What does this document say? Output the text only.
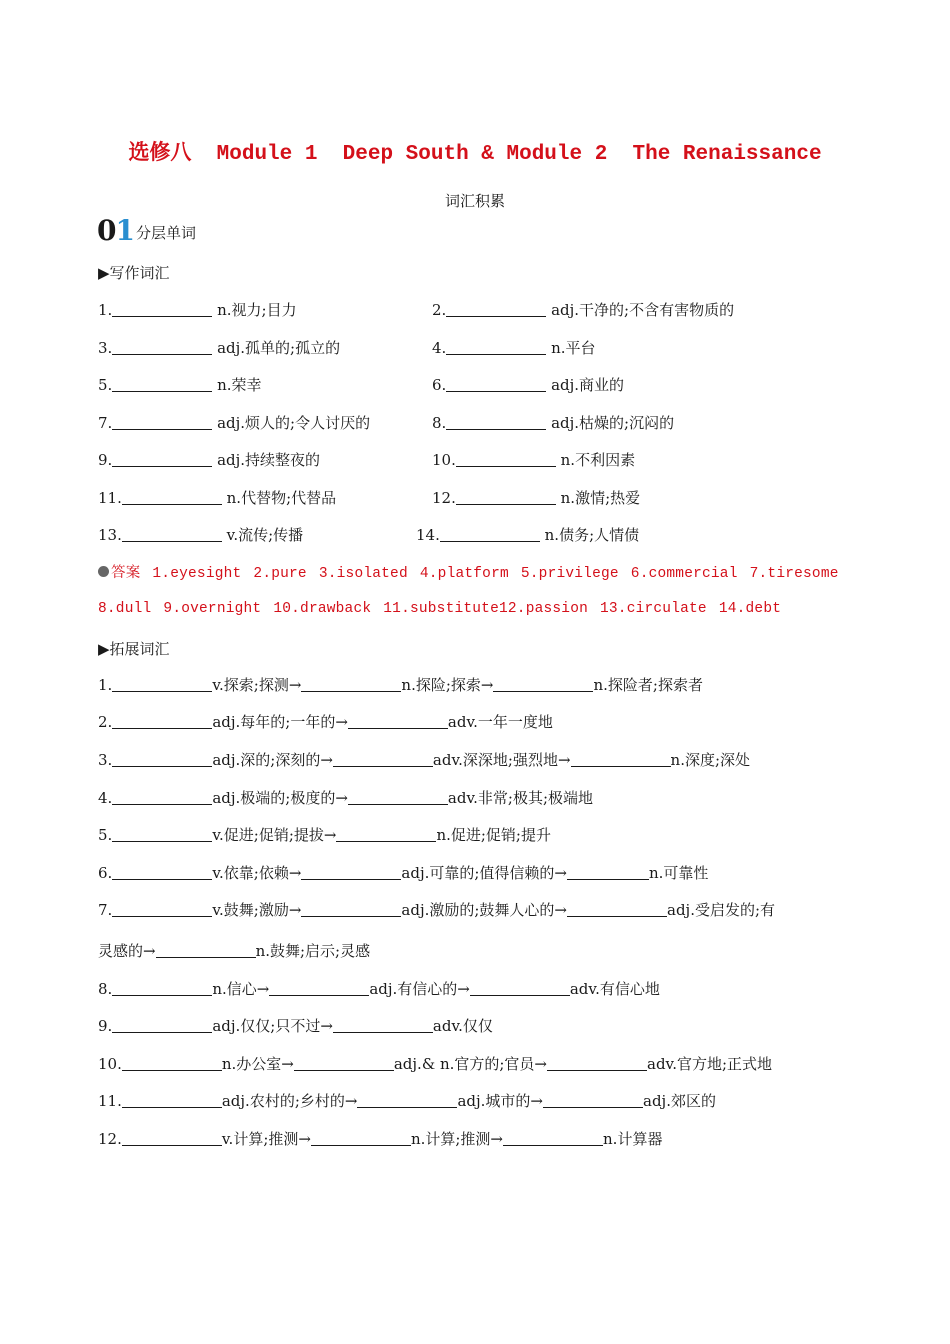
选修八  Module 1  Deep South & Module 2  The Renaissance
词汇积累
01 分层单词
▶写作词汇
1.	n.视力;目力	2.	adj.干净的;不含有害物质的
3.	adj.孤单的;孤立的	4.	n.平台
5.	n.荣幸	6.	adj.商业的
7.	adj.烦人的;令人讨厌的	8.	adj.枯燥的;沉闷的
9.	adj.持续整夜的	10.	n.不利因素
11.	n.代替物;代替品	12.	n.激情;热爱
13.	v.流传;传播	14.	n.债务;人情债
答案 1.eyesight 2.pure 3.isolated 4.platform 5.privilege 6.commercial 7.tiresome
8.dull 9.overnight 10.drawback 11.substitute12.passion 13.circulate 14.debt
▶拓展词汇
1.	v.探索;探测→	n.探险;探索→	n.探险者;探索者
2.	adj.每年的;一年的→	adv.一年一度地
3.	adj.深的;深刻的→	adv.深深地;强烈地→	n.深度;深处
4.	adj.极端的;极度的→	adv.非常;极其;极端地
5.	v.促进;促销;提拔→	n.促进;促销;提升
6.	v.依靠;依赖→	adj.可靠的;值得信赖的→	n.可靠性
7.	v.鼓舞;激励→	adj.激励的;鼓舞人心的→	adj.受启发的;有
灵感的→	n.鼓舞;启示;灵感
8.	n.信心→	adj.有信心的→	adv.有信心地
9.	adj.仅仅;只不过→	adv.仅仅
10.	n.办公室→	adj.& n.官方的;官员→	adv.官方地;正式地
11.	adj.农村的;乡村的→	adj.城市的→	adj.郊区的
12.	v.计算;推测→	n.计算;推测→	n.计算器
